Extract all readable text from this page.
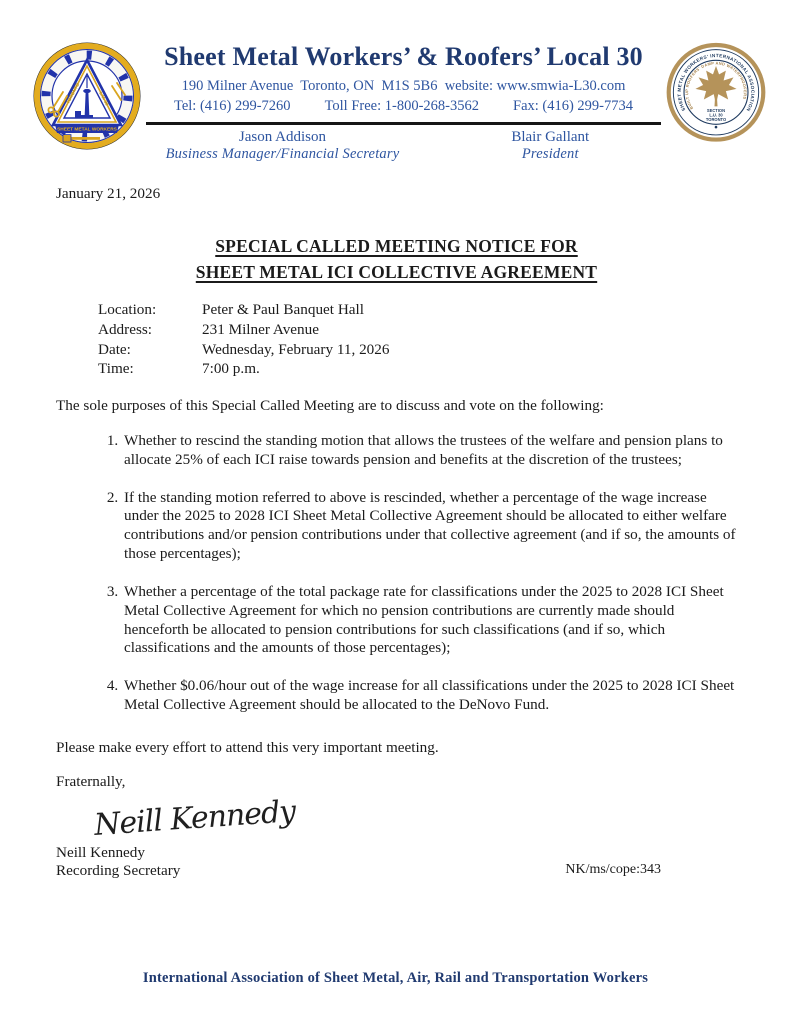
TORONTO	L.U. 30
SHEET METAL WORKERS
Sheet Metal Workers’ & Roofers’ Local 30
190 Milner Avenue  Toronto, ON  M1S 5B6  website: www.smwia-L30.com
Tel: (416) 299-7260 Toll Free: 1-800-268-3562 Fax: (416) 299-7734
Jason Addison
Business Manager/Financial Secretary
Blair Gallant
President
SHEET METAL WORKERS' INTERNATIONAL ASSOCIATION
BUILT UP ROOFERS' DAMP AND WATERPROOFERS
SECTION
L.U. 30
TORONTO
January 21, 2026
SPECIAL CALLED MEETING NOTICE FOR
SHEET METAL ICI COLLECTIVE AGREEMENT
Location:	Peter & Paul Banquet Hall
Address:	231 Milner Avenue
Date:	Wednesday, February 11, 2026
Time:	7:00 p.m.
The sole purposes of this Special Called Meeting are to discuss and vote on the following:
1. Whether to rescind the standing motion that allows the trustees of the welfare and pension plans to allocate 25% of each ICI raise towards pension and benefits at the discretion of the trustees;
2. If the standing motion referred to above is rescinded, whether a percentage of the wage increase under the 2025 to 2028 ICI Sheet Metal Collective Agreement should be allocated to either welfare contributions and/or pension contributions under that collective agreement (and if so, the amounts of those percentages);
3. Whether a percentage of the total package rate for classifications under the 2025 to 2028 ICI Sheet Metal Collective Agreement for which no pension contributions are currently made should henceforth be allocated to pension contributions for such classifications (and if so, which classifications and the amounts of those percentages);
4. Whether $0.06/hour out of the wage increase for all classifications under the 2025 to 2028 ICI Sheet Metal Collective Agreement should be allocated to the DeNovo Fund.
Please make every effort to attend this very important meeting.
Fraternally,
Neill Kennedy
Neill Kennedy
Recording Secretary	NK/ms/cope:343
International Association of Sheet Metal, Air, Rail and Transportation Workers
